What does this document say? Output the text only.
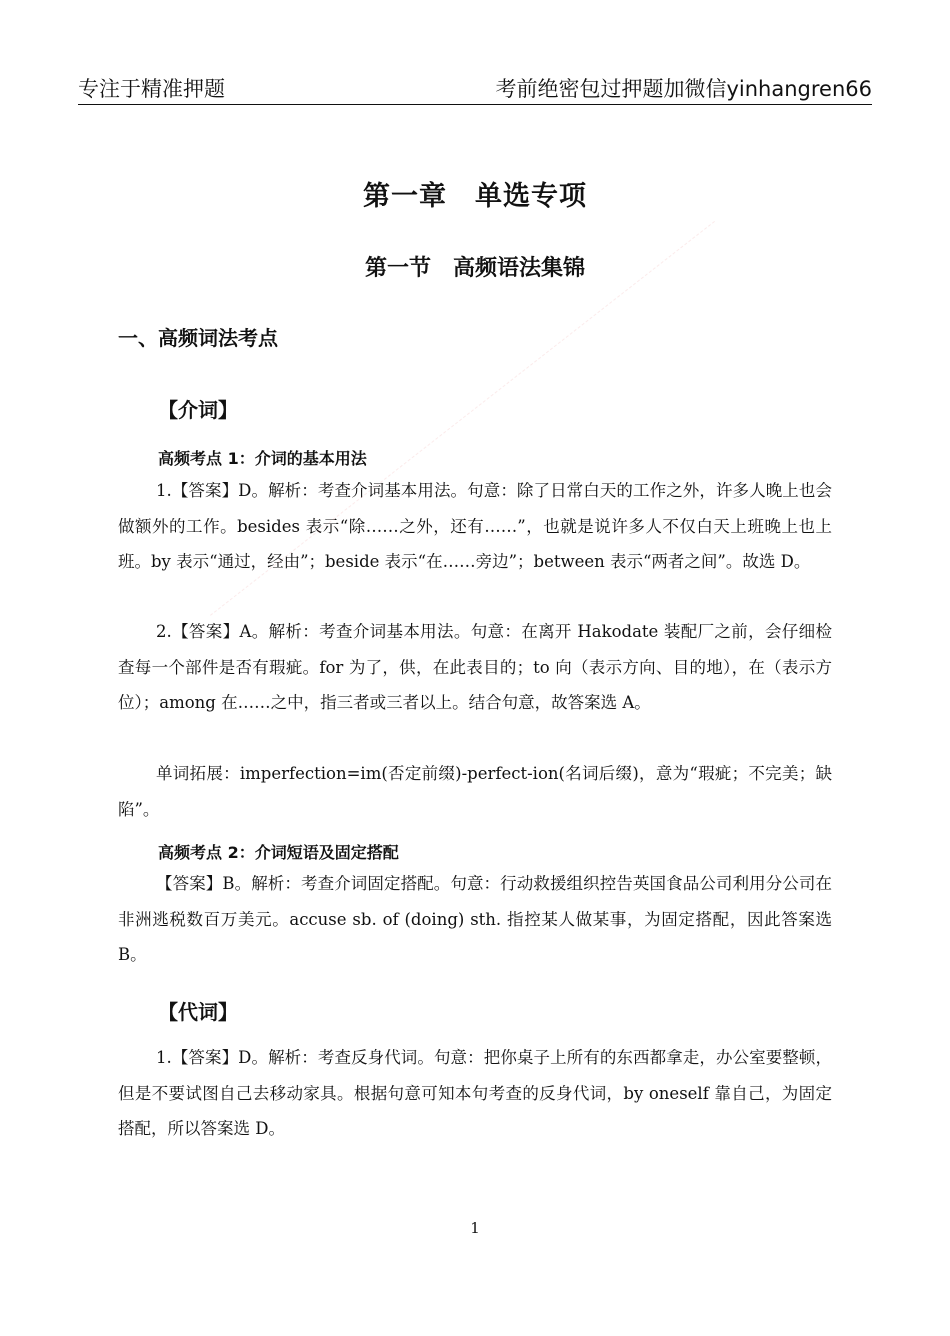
专注于精准押题	考前绝密包过押题加微信yinhangren66
第一章　单选专项
第一节　高频语法集锦
一、高频词法考点
【介词】
高频考点 1：介词的基本用法
1.【答案】D。解析：考查介词基本用法。句意：除了日常白天的工作之外，许多人晚上也会做额外的工作。besides 表示“除……之外，还有……”，也就是说许多人不仅白天上班晚上也上班。by 表示“通过，经由”；beside 表示“在……旁边”；between 表示“两者之间”。故选 D。
2.【答案】A。解析：考查介词基本用法。句意：在离开 Hakodate 装配厂之前，会仔细检查每一个部件是否有瑕疵。for 为了，供，在此表目的；to 向（表示方向、目的地），在（表示方位）；among 在……之中，指三者或三者以上。结合句意，故答案选 A。
单词拓展：imperfection=im(否定前缀)-perfect-ion(名词后缀)，意为“瑕疵；不完美；缺陷”。
高频考点 2：介词短语及固定搭配
【答案】B。解析：考查介词固定搭配。句意：行动救援组织控告英国食品公司利用分公司在非洲逃税数百万美元。accuse sb. of (doing) sth. 指控某人做某事，为固定搭配，因此答案选 B。
【代词】
1.【答案】D。解析：考查反身代词。句意：把你桌子上所有的东西都拿走，办公室要整顿，但是不要试图自己去移动家具。根据句意可知本句考查的反身代词，by oneself 靠自己，为固定搭配，所以答案选 D。
1
